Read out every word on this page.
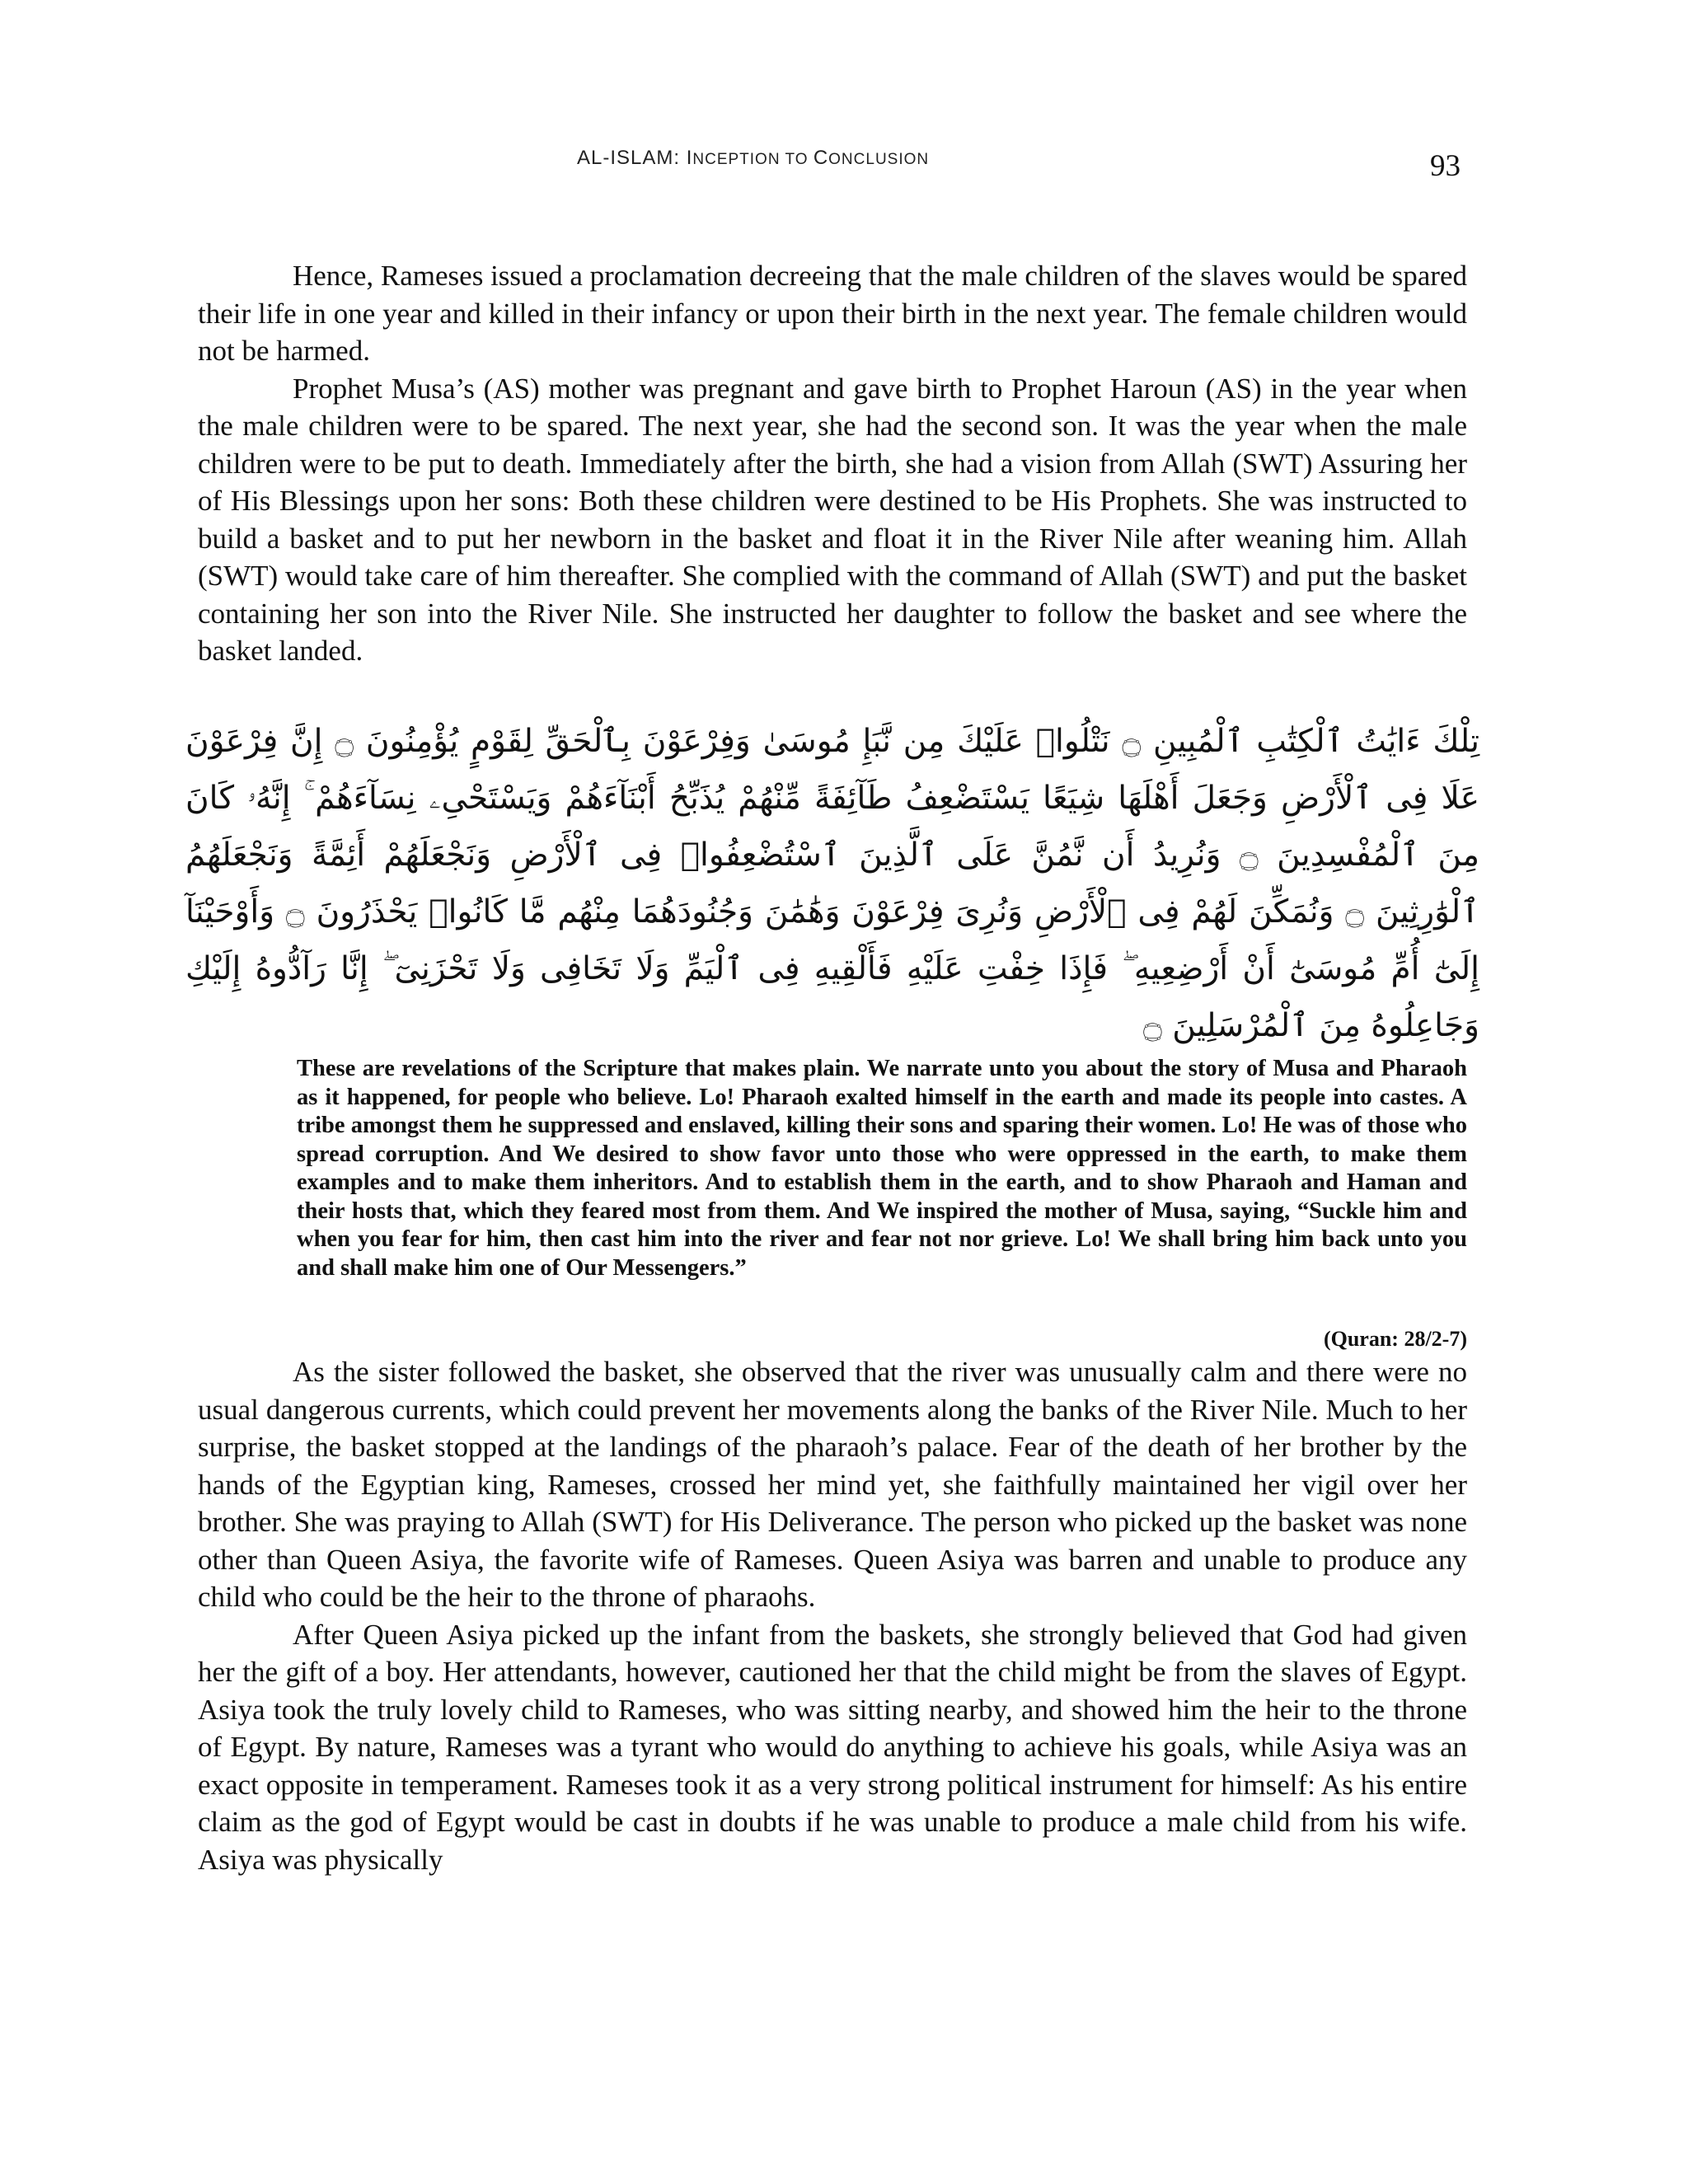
AL-ISLAM: INCEPTION TO CONCLUSION	93

Hence, Rameses issued a proclamation decreeing that the male children of the slaves would be spared their life in one year and killed in their infancy or upon their birth in the next year. The female children would not be harmed.

Prophet Musa’s (AS) mother was pregnant and gave birth to Prophet Haroun (AS) in the year when the male children were to be spared. The next year, she had the second son. It was the year when the male children were to be put to death. Immediately after the birth, she had a vision from Allah (SWT) Assuring her of His Blessings upon her sons: Both these children were destined to be His Prophets. She was instructed to build a basket and to put her newborn in the basket and float it in the River Nile after weaning him. Allah (SWT) would take care of him thereafter. She complied with the command of Allah (SWT) and put the basket containing her son into the River Nile. She instructed her daughter to follow the basket and see where the basket landed.

تِلْكَ ءَايَٰتُ ٱلْكِتَٰبِ ٱلْمُبِينِ ۝ نَتْلُوا۟ عَلَيْكَ مِن نَّبَإِ مُوسَىٰ وَفِرْعَوْنَ بِٱلْحَقِّ لِقَوْمٍ يُؤْمِنُونَ ۝ إِنَّ فِرْعَوْنَ عَلَا فِى ٱلْأَرْضِ وَجَعَلَ أَهْلَهَا شِيَعًا يَسْتَضْعِفُ طَآئِفَةً مِّنْهُمْ يُذَبِّحُ أَبْنَآءَهُمْ وَيَسْتَحْىِۦ نِسَآءَهُمْ ۚ إِنَّهُۥ كَانَ مِنَ ٱلْمُفْسِدِينَ ۝ وَنُرِيدُ أَن نَّمُنَّ عَلَى ٱلَّذِينَ ٱسْتُضْعِفُوا۟ فِى ٱلْأَرْضِ وَنَجْعَلَهُمْ أَئِمَّةً وَنَجْعَلَهُمُ ٱلْوَٰرِثِينَ ۝ وَنُمَكِّنَ لَهُمْ فِى ٱلْأَرْضِ وَنُرِىَ فِرْعَوْنَ وَهَٰمَٰنَ وَجُنُودَهُمَا مِنْهُم مَّا كَانُوا۟ يَحْذَرُونَ ۝ وَأَوْحَيْنَآ إِلَىٰٓ أُمِّ مُوسَىٰٓ أَنْ أَرْضِعِيهِ ۖ فَإِذَا خِفْتِ عَلَيْهِ فَأَلْقِيهِ فِى ٱلْيَمِّ وَلَا تَخَافِى وَلَا تَحْزَنِىٓ ۖ إِنَّا رَآدُّوهُ إِلَيْكِ وَجَاعِلُوهُ مِنَ ٱلْمُرْسَلِينَ ۝

These are revelations of the Scripture that makes plain. We narrate unto you about the story of Musa and Pharaoh as it happened, for people who believe. Lo! Pharaoh exalted himself in the earth and made its people into castes. A tribe amongst them he suppressed and enslaved, killing their sons and sparing their women. Lo! He was of those who spread corruption. And We desired to show favor unto those who were oppressed in the earth, to make them examples and to make them inheritors. And to establish them in the earth, and to show Pharaoh and Haman and their hosts that, which they feared most from them. And We inspired the mother of Musa, saying, “Suckle him and when you fear for him, then cast him into the river and fear not nor grieve. Lo! We shall bring him back unto you and shall make him one of Our Messengers.”

(Quran: 28/2-7)

As the sister followed the basket, she observed that the river was unusually calm and there were no usual dangerous currents, which could prevent her movements along the banks of the River Nile. Much to her surprise, the basket stopped at the landings of the pharaoh’s palace. Fear of the death of her brother by the hands of the Egyptian king, Rameses, crossed her mind yet, she faithfully maintained her vigil over her brother. She was praying to Allah (SWT) for His Deliverance. The person who picked up the basket was none other than Queen Asiya, the favorite wife of Rameses. Queen Asiya was barren and unable to produce any child who could be the heir to the throne of pharaohs.

After Queen Asiya picked up the infant from the baskets, she strongly believed that God had given her the gift of a boy. Her attendants, however, cautioned her that the child might be from the slaves of Egypt. Asiya took the truly lovely child to Rameses, who was sitting nearby, and showed him the heir to the throne of Egypt. By nature, Rameses was a tyrant who would do anything to achieve his goals, while Asiya was an exact opposite in temperament. Rameses took it as a very strong political instrument for himself: As his entire claim as the god of Egypt would be cast in doubts if he was unable to produce a male child from his wife. Asiya was physically
